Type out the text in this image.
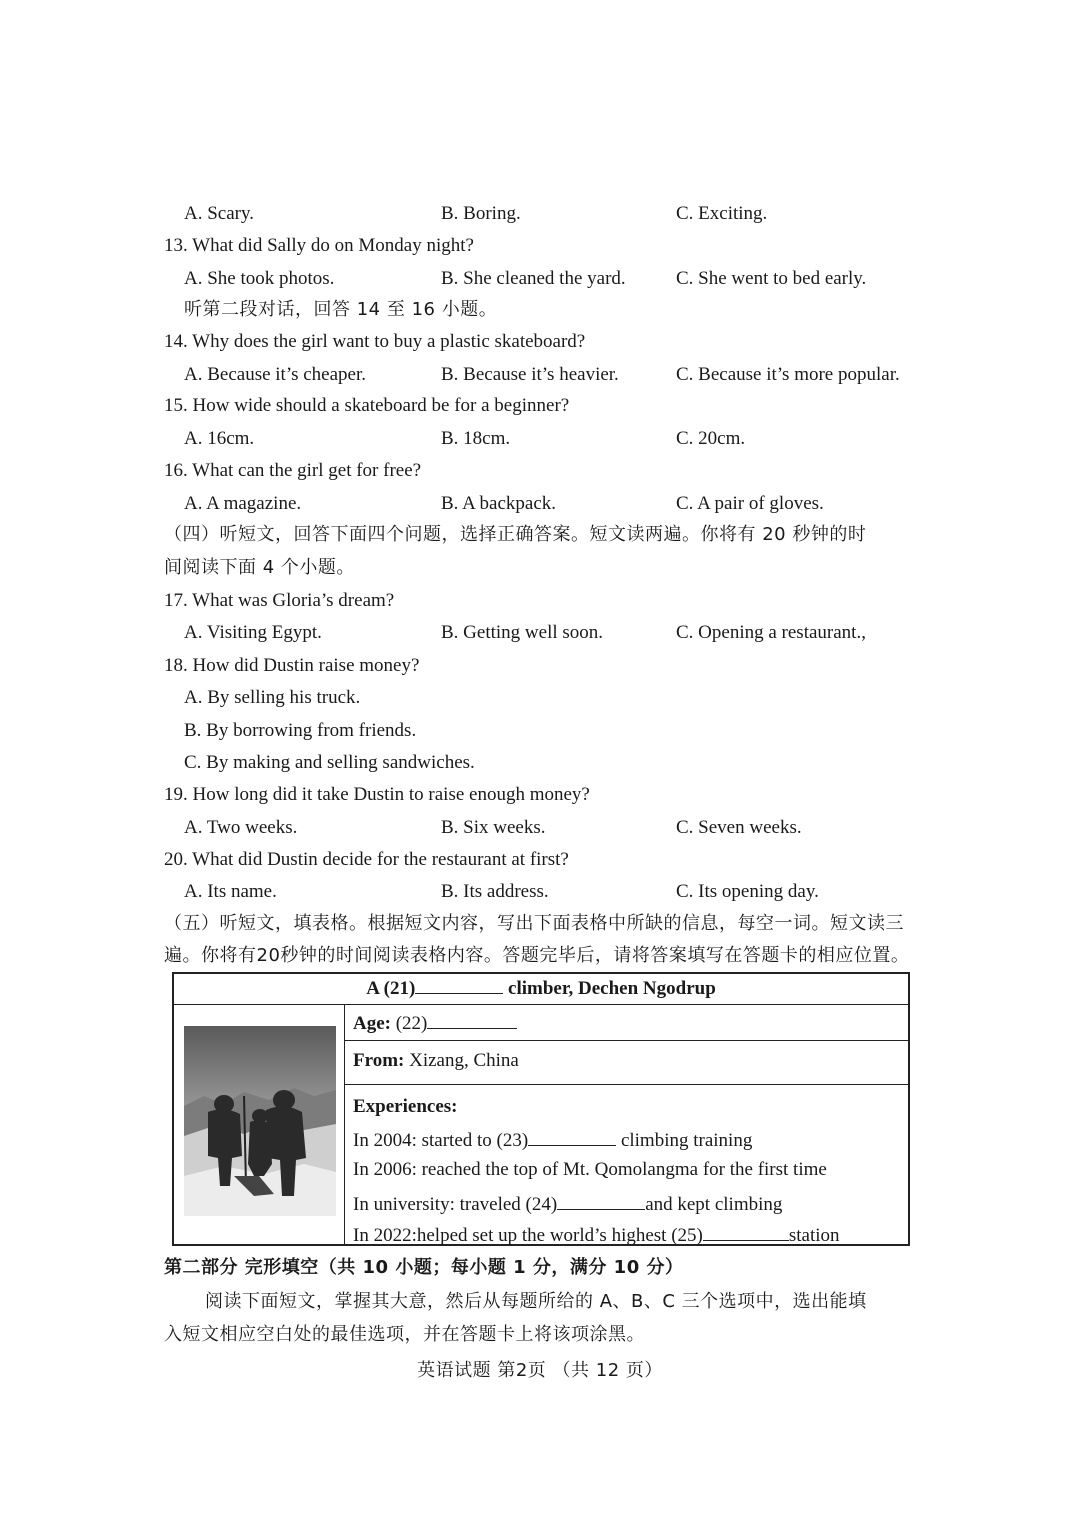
A. Scary.	B. Boring.	C. Exciting.
13. What did Sally do on Monday night?
A. She took photos.	B. She cleaned the yard.	C. She went to bed early.
听第二段对话，回答 14 至 16 小题。
14. Why does the girl want to buy a plastic skateboard?
A. Because it’s cheaper.	B. Because it’s heavier.	C. Because it’s more popular.
15. How wide should a skateboard be for a beginner?
A. 16cm.	B. 18cm.	C. 20cm.
16. What can the girl get for free?
A. A magazine.	B. A backpack.	C. A pair of gloves.
（四）听短文，回答下面四个问题，选择正确答案。短文读两遍。你将有 20 秒钟的时
间阅读下面 4 个小题。
17. What was Gloria’s dream?
A. Visiting Egypt.	B. Getting well soon.	C. Opening a restaurant.,
18. How did Dustin raise money?
A. By selling his truck.
B. By borrowing from friends.
C. By making and selling sandwiches.
19. How long did it take Dustin to raise enough money?
A. Two weeks.	B. Six weeks.	C. Seven weeks.
20. What did Dustin decide for the restaurant at first?
A. Its name.	B. Its address.	C. Its opening day.
（五）听短文，填表格。根据短文内容，写出下面表格中所缺的信息，每空一词。短文读三
遍。你将有20秒钟的时间阅读表格内容。答题完毕后，请将答案填写在答题卡的相应位置。
A (21)	climber, Dechen Ngodrup
Age: (22)
From: Xizang, China
Experiences:
In 2004: started to (23)	climbing training
In 2006: reached the top of Mt. Qomolangma for the first time
In university: traveled (24)	and kept climbing
In 2022:helped set up the world’s highest (25)	station
第二部分 完形填空（共 10 小题；每小题 1 分，满分 10 分）
阅读下面短文，掌握其大意，然后从每题所给的 A、B、C 三个选项中，选出能填
入短文相应空白处的最佳选项，并在答题卡上将该项涂黑。
英语试题 第2页 （共 12 页）
